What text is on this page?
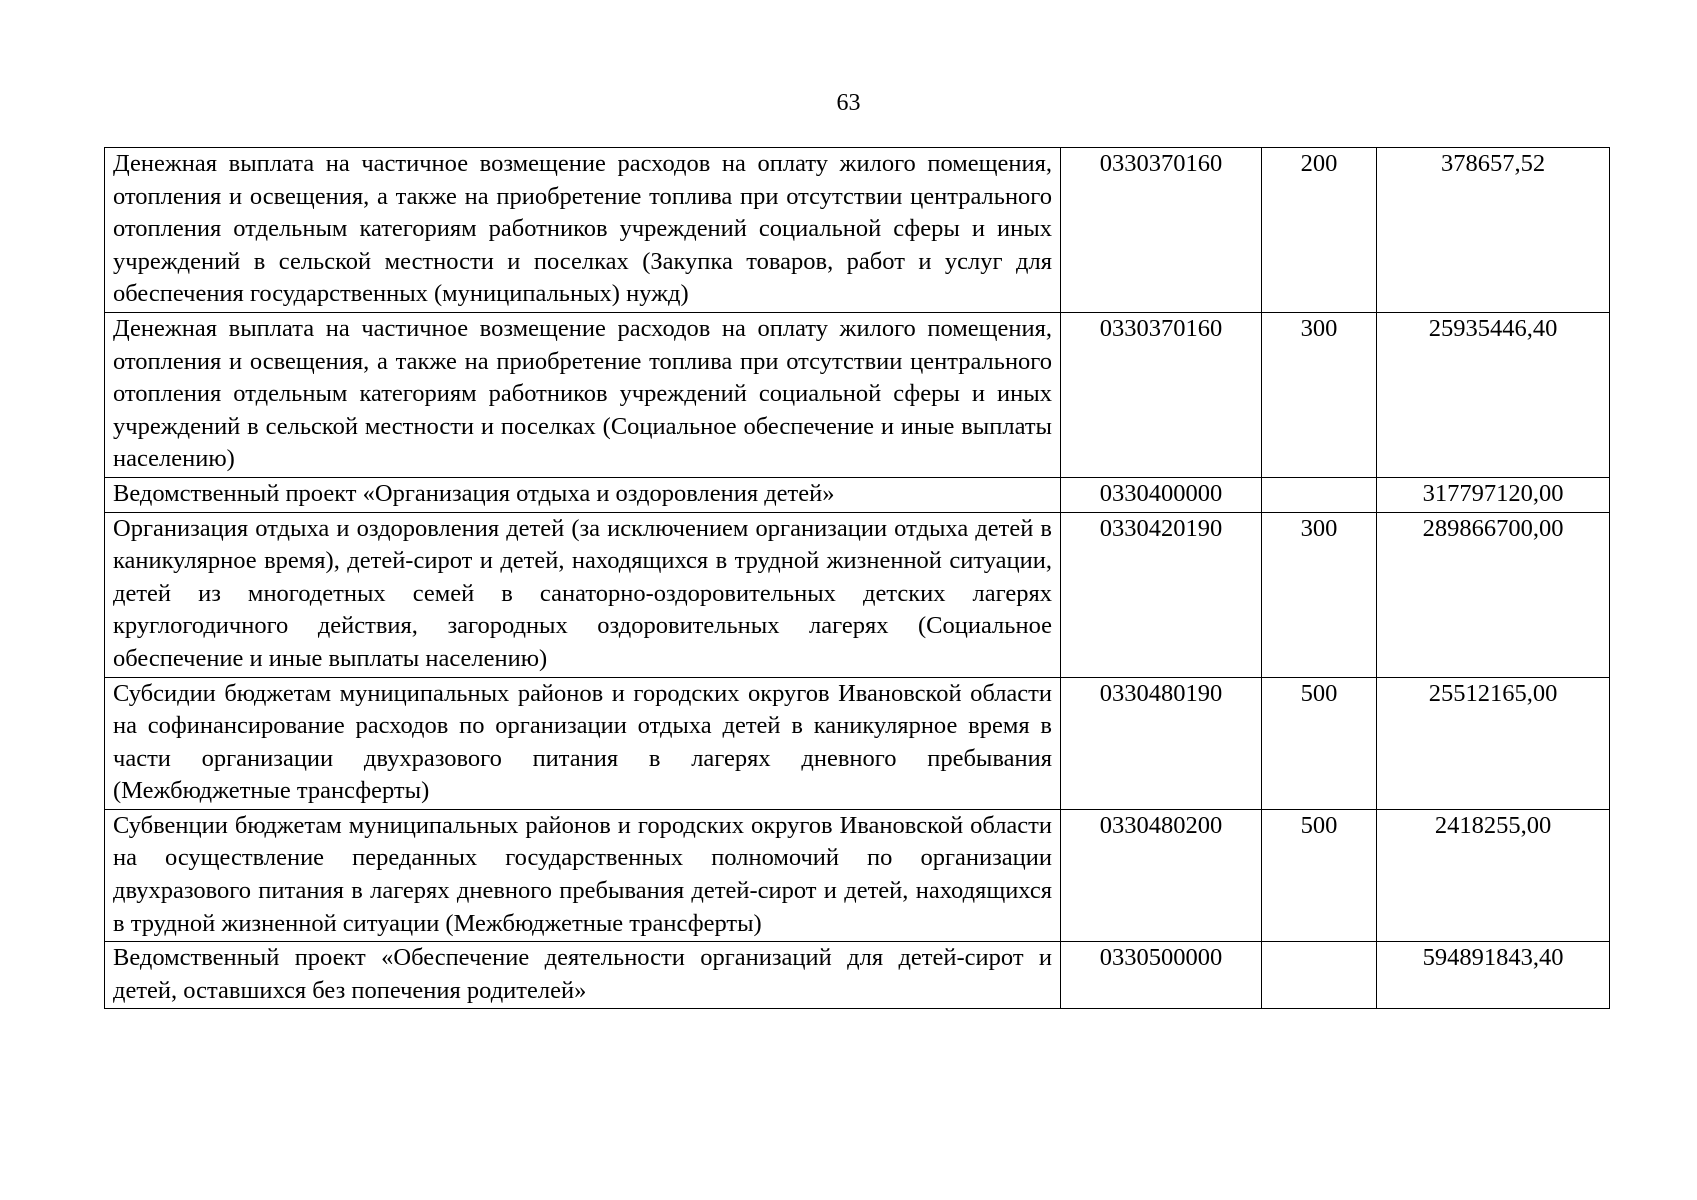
63
Денежная выплата на частичное возмещение расходов на оплату жилого помещения, отопления и освещения, а также на приобретение топлива при отсутствии центрального отопления отдельным категориям работников учреждений социальной сферы и иных учреждений в сельской местности и поселках (Закупка товаров, работ и услуг для обеспечения государственных (муниципальных) нужд)	0330370160	200	378657,52
Денежная выплата на частичное возмещение расходов на оплату жилого помещения, отопления и освещения, а также на приобретение топлива при отсутствии центрального отопления отдельным категориям работников учреждений социальной сферы и иных учреждений в сельской местности и поселках (Социальное обеспечение и иные выплаты населению)	0330370160	300	25935446,40
Ведомственный проект «Организация отдыха и оздоровления детей»	0330400000		317797120,00
Организация отдыха и оздоровления детей (за исключением организации отдыха детей в каникулярное время), детей-сирот и детей, находящихся в трудной жизненной ситуации, детей из многодетных семей в санаторно-оздоровительных детских лагерях круглогодичного действия, загородных оздоровительных лагерях (Социальное обеспечение и иные выплаты населению)	0330420190	300	289866700,00
Субсидии бюджетам муниципальных районов и городских округов Ивановской области на софинансирование расходов по организации отдыха детей в каникулярное время в части организации двухразового питания в лагерях дневного пребывания (Межбюджетные трансферты)	0330480190	500	25512165,00
Субвенции бюджетам муниципальных районов и городских округов Ивановской области на осуществление переданных государственных полномочий по организации двухразового питания в лагерях дневного пребывания детей-сирот и детей, находящихся в трудной жизненной ситуации (Межбюджетные трансферты)	0330480200	500	2418255,00
Ведомственный проект «Обеспечение деятельности организаций для детей-сирот и детей, оставшихся без попечения родителей»	0330500000		594891843,40
